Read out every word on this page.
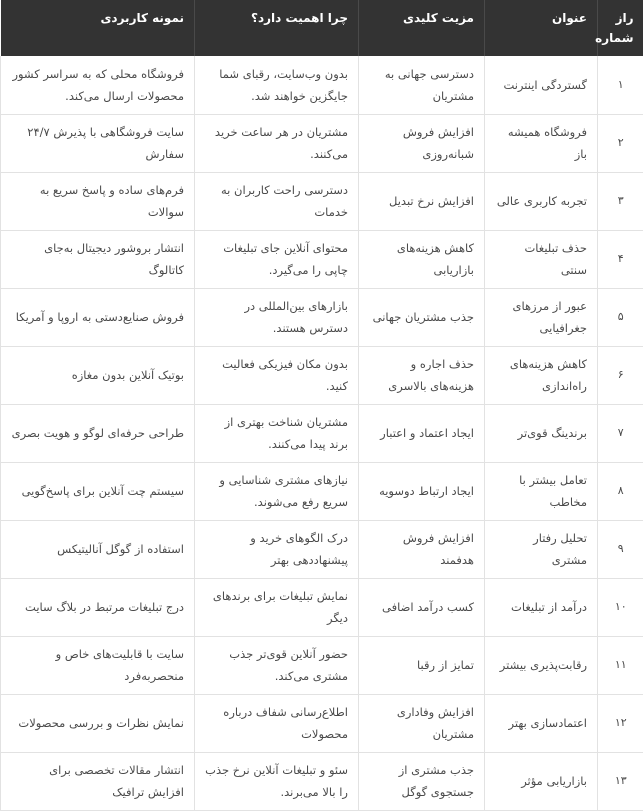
راز شماره	عنوان	مزیت کلیدی	چرا اهمیت دارد؟	نمونه کاربردی
۱	گستردگی اینترنت	دسترسی جهانی به مشتریان	بدون وب‌سایت، رقبای شما جایگزین خواهند شد.	فروشگاه محلی که به سراسر کشور محصولات ارسال می‌کند.
۲	فروشگاه همیشه باز	افزایش فروش شبانه‌روزی	مشتریان در هر ساعت خرید می‌کنند.	سایت فروشگاهی با پذیرش ۲۴/۷ سفارش
۳	تجربه کاربری عالی	افزایش نرخ تبدیل	دسترسی راحت کاربران به خدمات	فرم‌های ساده و پاسخ سریع به سوالات
۴	حذف تبلیغات سنتی	کاهش هزینه‌های بازاریابی	محتوای آنلاین جای تبلیغات چاپی را می‌گیرد.	انتشار بروشور دیجیتال به‌جای کاتالوگ
۵	عبور از مرزهای جغرافیایی	جذب مشتریان جهانی	بازارهای بین‌المللی در دسترس هستند.	فروش صنایع‌دستی به اروپا و آمریکا
۶	کاهش هزینه‌های راه‌اندازی	حذف اجاره و هزینه‌های بالاسری	بدون مکان فیزیکی فعالیت کنید.	بوتیک آنلاین بدون مغازه
۷	برندینگ قوی‌تر	ایجاد اعتماد و اعتبار	مشتریان شناخت بهتری از برند پیدا می‌کنند.	طراحی حرفه‌ای لوگو و هویت بصری
۸	تعامل بیشتر با مخاطب	ایجاد ارتباط دوسویه	نیازهای مشتری شناسایی و سریع رفع می‌شوند.	سیستم چت آنلاین برای پاسخ‌گویی
۹	تحلیل رفتار مشتری	افزایش فروش هدفمند	درک الگوهای خرید و پیشنهاد‌دهی بهتر	استفاده از گوگل آنالیتیکس
۱۰	درآمد از تبلیغات	کسب درآمد اضافی	نمایش تبلیغات برای برندهای دیگر	درج تبلیغات مرتبط در بلاگ سایت
۱۱	رقابت‌پذیری بیشتر	تمایز از رقبا	حضور آنلاین قوی‌تر جذب مشتری می‌کند.	سایت با قابلیت‌های خاص و منحصربه‌فرد
۱۲	اعتمادسازی بهتر	افزایش وفاداری مشتریان	اطلاع‌رسانی شفاف درباره محصولات	نمایش نظرات و بررسی محصولات
۱۳	بازاریابی مؤثر	جذب مشتری از جستجوی گوگل	سئو و تبلیغات آنلاین نرخ جذب را بالا می‌برند.	انتشار مقالات تخصصی برای افزایش ترافیک
